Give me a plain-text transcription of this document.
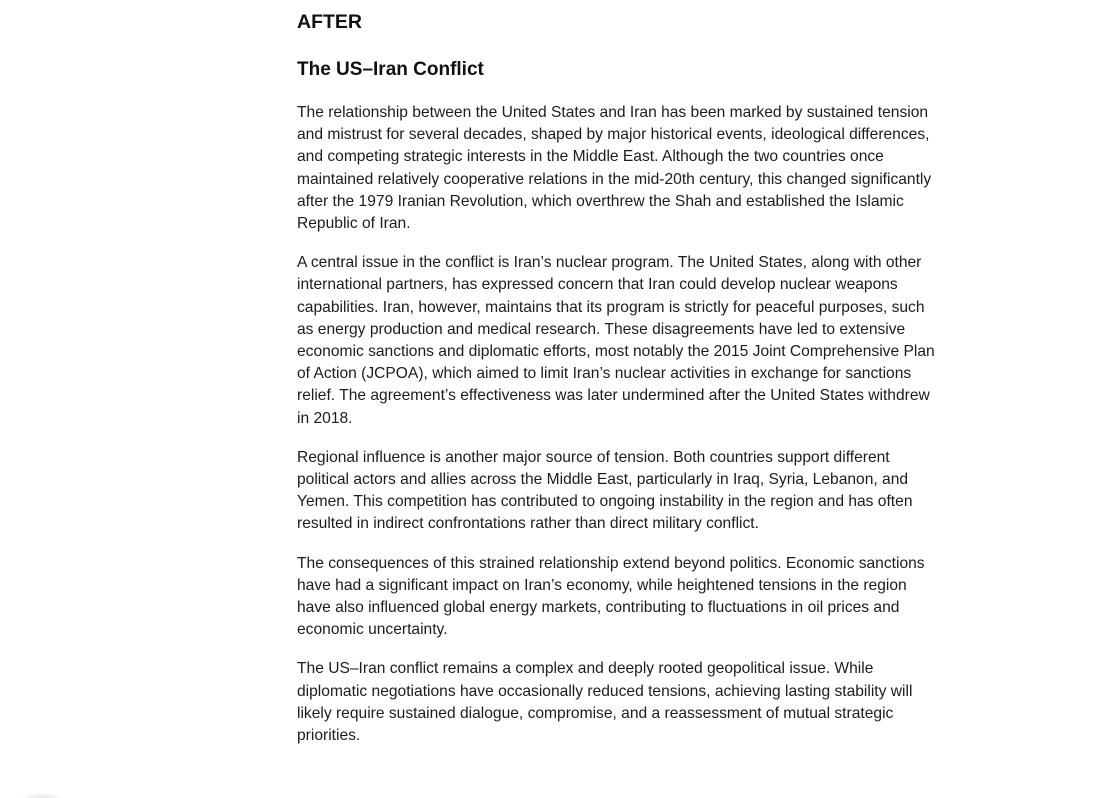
AFTER
The US–Iran Conflict

The relationship between the United States and Iran has been marked by sustained tension and mistrust for several decades, shaped by major historical events, ideological differences, and competing strategic interests in the Middle East. Although the two countries once maintained relatively cooperative relations in the mid-20th century, this changed significantly after the 1979 Iranian Revolution, which overthrew the Shah and established the Islamic Republic of Iran.

A central issue in the conflict is Iran’s nuclear program. The United States, along with other international partners, has expressed concern that Iran could develop nuclear weapons capabilities. Iran, however, maintains that its program is strictly for peaceful purposes, such as energy production and medical research. These disagreements have led to extensive economic sanctions and diplomatic efforts, most notably the 2015 Joint Comprehensive Plan of Action (JCPOA), which aimed to limit Iran’s nuclear activities in exchange for sanctions relief. The agreement’s effectiveness was later undermined after the United States withdrew in 2018.

Regional influence is another major source of tension. Both countries support different political actors and allies across the Middle East, particularly in Iraq, Syria, Lebanon, and Yemen. This competition has contributed to ongoing instability in the region and has often resulted in indirect confrontations rather than direct military conflict.

The consequences of this strained relationship extend beyond politics. Economic sanctions have had a significant impact on Iran’s economy, while heightened tensions in the region have also influenced global energy markets, contributing to fluctuations in oil prices and economic uncertainty.

The US–Iran conflict remains a complex and deeply rooted geopolitical issue. While diplomatic negotiations have occasionally reduced tensions, achieving lasting stability will likely require sustained dialogue, compromise, and a reassessment of mutual strategic priorities.
